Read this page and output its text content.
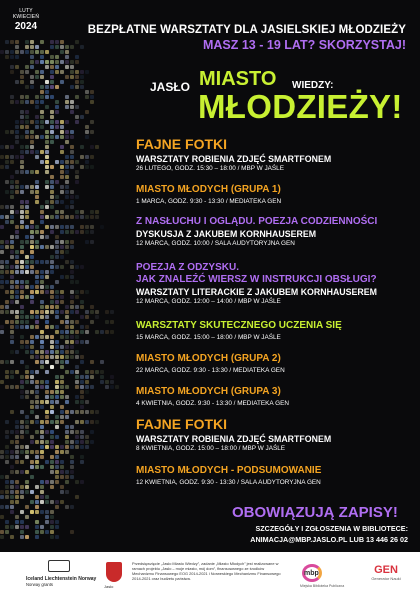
LUTY KWIECIEŃ
2024	BEZPŁATNE WARSZTATY DLA JASIELSKIEJ MŁODZIEŻY
MASZ 13 - 19 LAT? SKORZYSTAJ!
JASŁO MIASTO WIEDZY:
MŁODZIEŻY!
FAJNE FOTKI
WARSZTATY ROBIENIA ZDJĘĆ SMARTFONEM
26 LUTEGO, GODZ. 15:30 – 18:00 / MBP W JAŚLE
MIASTO MŁODYCH (GRUPA 1)
1 MARCA, GODZ. 9:30 - 13:30 / MEDIATEKA GEN
Z NASŁUCHU I OGLĄDU. POEZJA CODZIENNOŚCI
DYSKUSJA Z JAKUBEM KORNHAUSEREM
12 MARCA, GODZ. 10:00 / SALA AUDYTORYJNA GEN
POEZJA Z ODZYSKU.
JAK ZNALEŹĆ WIERSZ W INSTRUKCJI OBSŁUGI?
WARSZTATY LITERACKIE Z JAKUBEM KORNHAUSEREM
12 MARCA, GODZ. 12:00 – 14:00 / MBP W JAŚLE
WARSZTATY SKUTECZNEGO UCZENIA SIĘ
15 MARCA, GODZ. 15:00 – 18:00 / MBP W JAŚLE
MIASTO MŁODYCH (GRUPA 2)
22 MARCA, GODZ. 9:30 - 13:30 / MEDIATEKA GEN
MIASTO MŁODYCH (GRUPA 3)
4 KWIETNIA, GODZ. 9:30 - 13:30 / MEDIATEKA GEN
FAJNE FOTKI
WARSZTATY ROBIENIA ZDJĘĆ SMARTFONEM
8 KWIETNIA, GODZ. 15:00 – 18:00 / MBP W JAŚLE
MIASTO MŁODYCH - PODSUMOWANIE
12 KWIETNIA, GODZ. 9:30 - 13:30 / SALA AUDYTORYJNA GEN
OBOWIĄZUJĄ ZAPISY!
SZCZEGÓŁY I ZGŁOSZENIA W BIBLIOTECE:
ANIMACJA@MBP.JASLO.PL LUB 13 446 26 02
Iceland Liechtenstein Norway
Norway grants	Jasło
Przedsięwzięcie „Jasło Miasto Wiedzy”, zadanie „Miasto Młodych” jest realizowane w ramach projektu „Jasło – moje miasto, mój dom”, finansowanego ze środków Mechanizmu Finansowego EOG 2014-2021 i Norweskiego Mechanizmu Finansowego 2014-2021 oraz budżetu państwa.
mbp
Miejska Biblioteka Publiczna
GEN
Generator Nauki
